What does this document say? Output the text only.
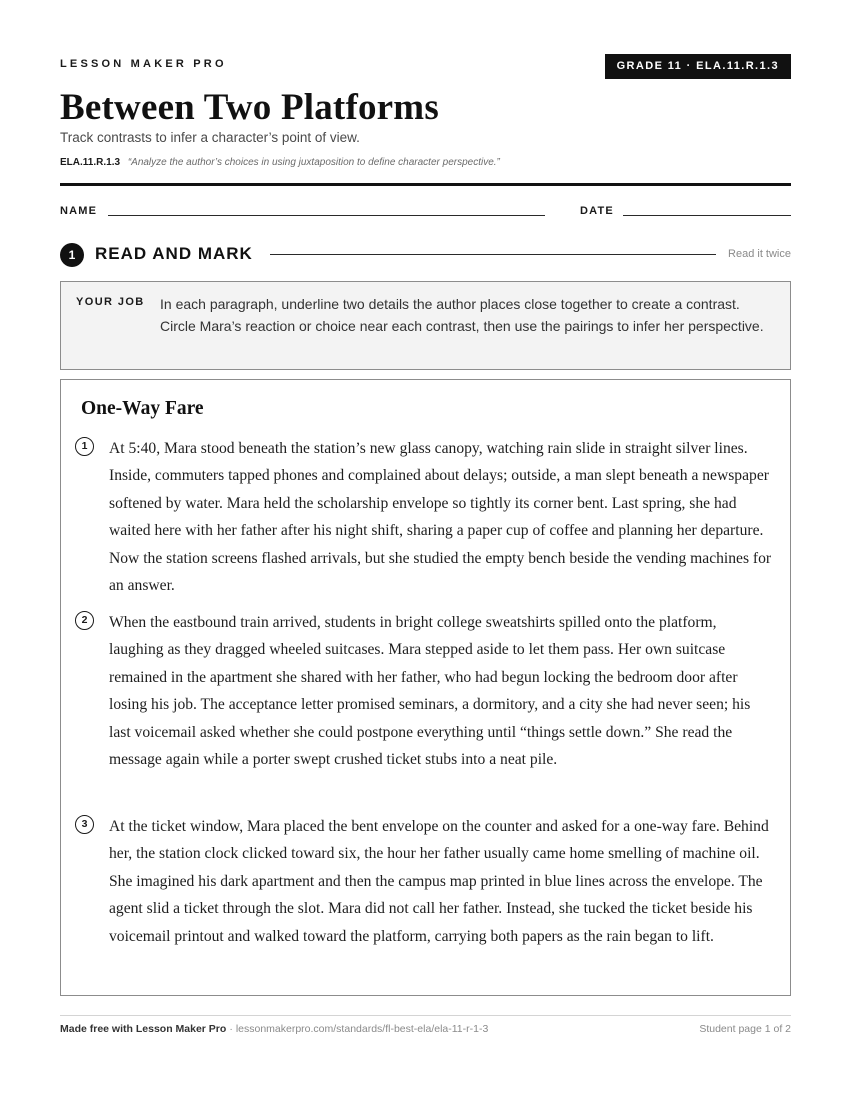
LESSON MAKER PRO	GRADE 11 · ELA.11.R.1.3
Between Two Platforms
Track contrasts to infer a character’s point of view.
ELA.11.R.1.3 “Analyze the author’s choices in using juxtaposition to define character perspective.”
NAME	DATE
1	READ AND MARK	Read it twice
YOUR JOB In each paragraph, underline two details the author places close together to create a contrast. Circle Mara’s reaction or choice near each contrast, then use the pairings to infer her perspective.
One-Way Fare
1	At 5:40, Mara stood beneath the station’s new glass canopy, watching rain slide in straight silver lines. Inside, commuters tapped phones and complained about delays; outside, a man slept beneath a newspaper softened by water. Mara held the scholarship envelope so tightly its corner bent. Last spring, she had waited here with her father after his night shift, sharing a paper cup of coffee and planning her departure. Now the station screens flashed arrivals, but she studied the empty bench beside the vending machines for an answer.

2	When the eastbound train arrived, students in bright college sweatshirts spilled onto the platform, laughing as they dragged wheeled suitcases. Mara stepped aside to let them pass. Her own suitcase remained in the apartment she shared with her father, who had begun locking the bedroom door after losing his job. The acceptance letter promised seminars, a dormitory, and a city she had never seen; his last voicemail asked whether she could postpone everything until “things settle down.” She read the message again while a porter swept crushed ticket stubs into a neat pile.

3	At the ticket window, Mara placed the bent envelope on the counter and asked for a one-way fare. Behind her, the station clock clicked toward six, the hour her father usually came home smelling of machine oil. She imagined his dark apartment and then the campus map printed in blue lines across the envelope. The agent slid a ticket through the slot. Mara did not call her father. Instead, she tucked the ticket beside his voicemail printout and walked toward the platform, carrying both papers as the rain began to lift.

Made free with Lesson Maker Pro · lessonmakerpro.com/standards/fl-best-ela/ela-11-r-1-3	Student page 1 of 2
